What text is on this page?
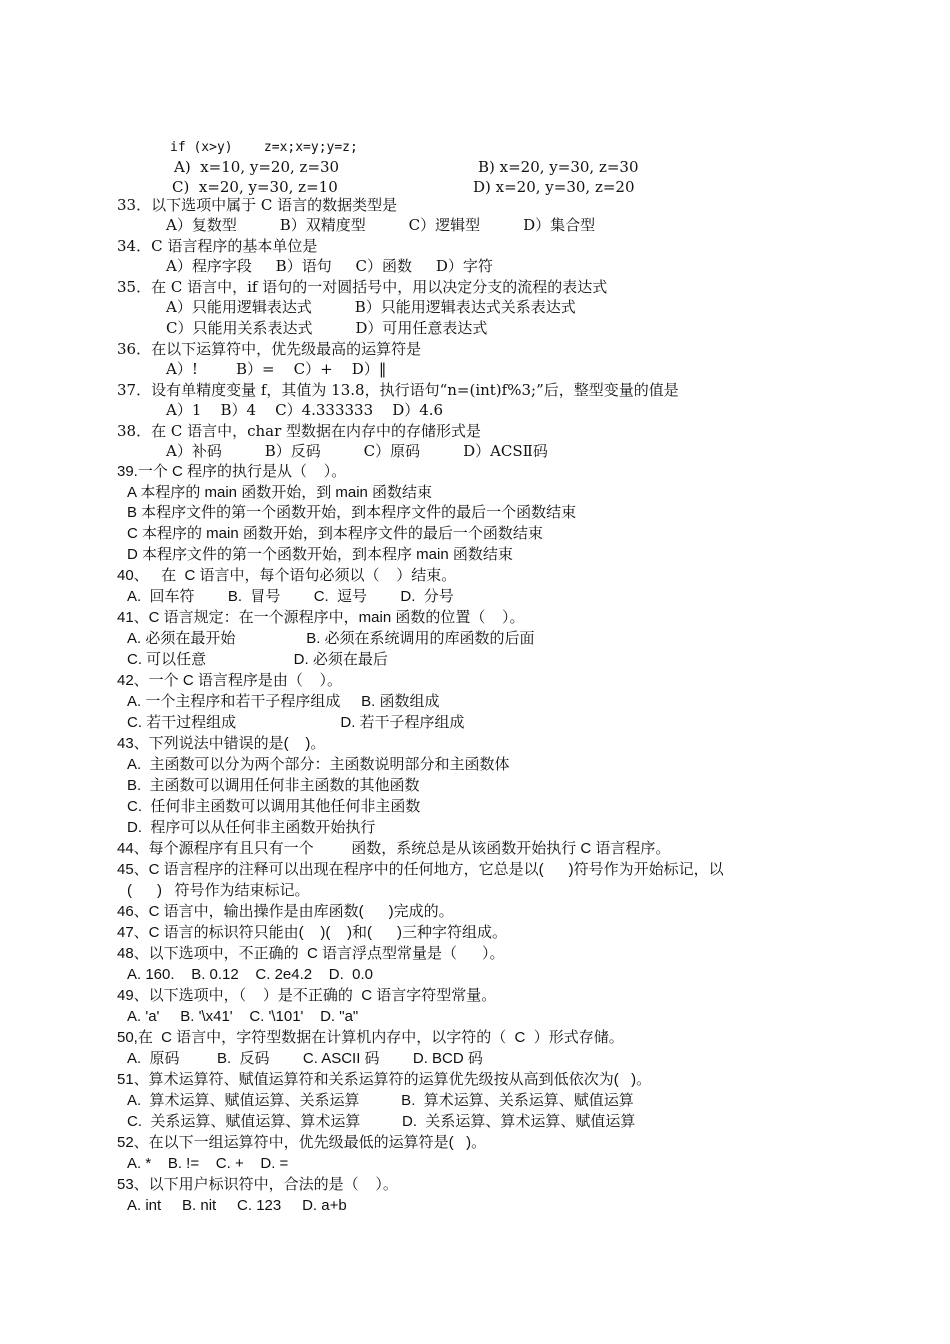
if (x>y)    z=x;x=y;y=z;
A)  x=10, y=20, z=30	B) x=20, y=30, z=30
C)  x=20, y=30, z=10	D) x=20, y=30, z=20
33．以下选项中属于 C 语言的数据类型是
A）复数型         B）双精度型         C）逻辑型         D）集合型
34．C 语言程序的基本单位是
A）程序字段     B）语句     C）函数     D）字符
35．在 C 语言中，if 语句的一对圆括号中，用以决定分支的流程的表达式
A）只能用逻辑表达式         B）只能用逻辑表达式关系表达式
C）只能用关系表达式         D）可用任意表达式
36．在以下运算符中，优先级最高的运算符是
A）!        B）=    C）+    D）‖
37．设有单精度变量 f，其值为 13.8，执行语句“n=(int)f%3;”后，整型变量的值是
A）1    B）4    C）4.333333    D）4.6
38．在 C 语言中，char 型数据在内存中的存储形式是
A）补码         B）反码         C）原码         D）ACSⅡ码
39.一个 C 程序的执行是从（    ）。
A 本程序的 main 函数开始，到 main 函数结束
B 本程序文件的第一个函数开始，到本程序文件的最后一个函数结束
C 本程序的 main 函数开始，到本程序文件的最后一个函数结束
D 本程序文件的第一个函数开始，到本程序 main 函数结束
40、   在  C 语言中，每个语句必须以（    ）结束。
A.  回车符        B.  冒号        C.  逗号        D.  分号
41、C 语言规定：在一个源程序中，main 函数的位置（    ）。
A. 必须在最开始                 B. 必须在系统调用的库函数的后面
C. 可以任意                     D. 必须在最后
42、一个 C 语言程序是由（    ）。
A. 一个主程序和若干子程序组成     B. 函数组成
C. 若干过程组成                         D. 若干子程序组成
43、下列说法中错误的是(    )。
A.  主函数可以分为两个部分：主函数说明部分和主函数体
B.  主函数可以调用任何非主函数的其他函数
C.  任何非主函数可以调用其他任何非主函数
D.  程序可以从任何非主函数开始执行
44、每个源程序有且只有一个         函数，系统总是从该函数开始执行 C 语言程序。
45、C 语言程序的注释可以出现在程序中的任何地方，它总是以(      )符号作为开始标记，以
(      )   符号作为结束标记。
46、C 语言中，输出操作是由库函数(      )完成的。
47、C 语言的标识符只能由(    )(    )和(      )三种字符组成。
48、以下选项中，不正确的  C 语言浮点型常量是（      ）。
A. 160.    B. 0.12    C. 2e4.2    D.  0.0
49、以下选项中，（    ）是不正确的  C 语言字符型常量。
A. 'a'     B. '\x41'    C. '\101'    D. "a"
50,在  C 语言中，字符型数据在计算机内存中，以字符的（  C  ）形式存储。
A.  原码         B.  反码        C. ASCII 码        D. BCD 码
51、算术运算符、赋值运算符和关系运算符的运算优先级按从高到低依次为(   )。
A.  算术运算、赋值运算、关系运算          B.  算术运算、关系运算、赋值运算
C.  关系运算、赋值运算、算术运算          D.  关系运算、算术运算、赋值运算
52、在以下一组运算符中，优先级最低的运算符是(   )。
A. *    B. !=    C. +    D. =
53、以下用户标识符中，合法的是（    ）。
A. int     B. nit     C. 123     D. a+b
